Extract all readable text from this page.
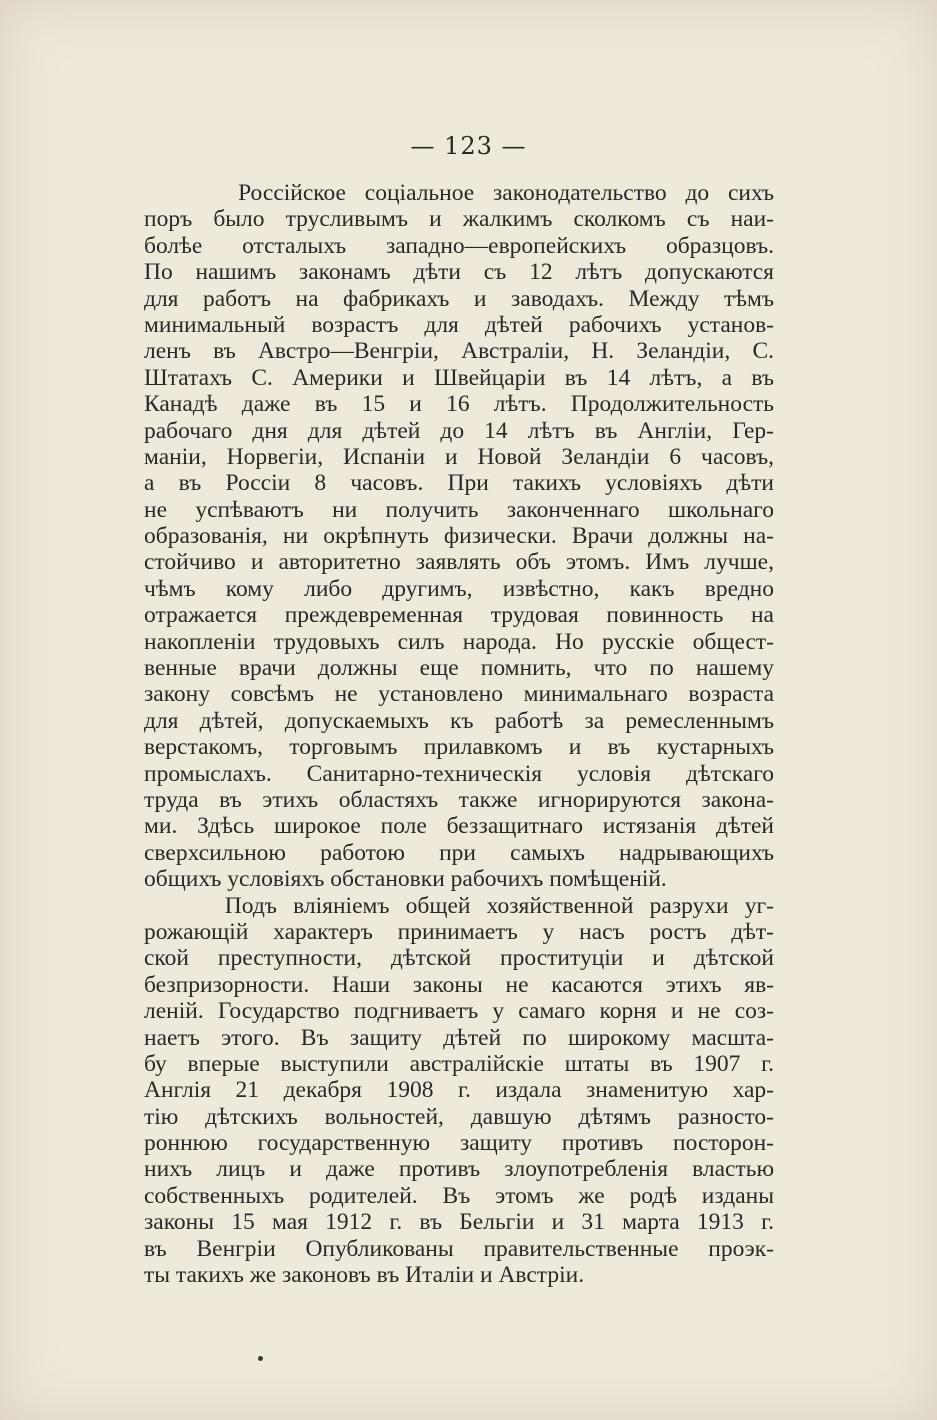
— 123 —
Россійское соціальное законодательство до сихъ
поръ было трусливымъ и жалкимъ сколкомъ съ наи-
болѣе отсталыхъ западно—европейскихъ образцовъ.
По нашимъ законамъ дѣти съ 12 лѣтъ допускаются
для работъ на фабрикахъ и заводахъ. Между тѣмъ
минимальный возрастъ для дѣтей рабочихъ установ-
ленъ въ Австро—Венгріи, Австраліи, Н. Зеландіи, С.
Штатахъ С. Америки и Швейцаріи въ 14 лѣтъ, а въ
Канадѣ даже въ 15 и 16 лѣтъ. Продолжительность
рабочаго дня для дѣтей до 14 лѣтъ въ Англіи, Гер-
маніи, Норвегіи, Испаніи и Новой Зеландіи 6 часовъ,
а въ Россіи 8 часовъ. При такихъ условіяхъ дѣти
не успѣваютъ ни получить законченнаго школьнаго
образованія, ни окрѣпнуть физически. Врачи должны на-
стойчиво и авторитетно заявлять объ этомъ. Имъ лучше,
чѣмъ кому либо другимъ, извѣстно, какъ вредно
отражается преждевременная трудовая повинность на
накопленіи трудовыхъ силъ народа. Но русскіе общест-
венные врачи должны еще помнить, что по нашему
закону совсѣмъ не установлено минимальнаго возраста
для дѣтей, допускаемыхъ къ работѣ за ремесленнымъ
верстакомъ, торговымъ прилавкомъ и въ кустарныхъ
промыслахъ. Санитарно-техническія условія дѣтскаго
труда въ этихъ областяхъ также игнорируются закона-
ми. Здѣсь широкое поле беззащитнаго истязанія дѣтей
сверхсильною работою при самыхъ надрывающихъ
общихъ условіяхъ обстановки рабочихъ помѣщеній.
Подъ вліяніемъ общей хозяйственной разрухи уг-
рожающій характеръ принимаетъ у насъ ростъ дѣт-
ской преступности, дѣтской проституціи и дѣтской
безпризорности. Наши законы не касаются этихъ яв-
леній. Государство подгниваетъ у самаго корня и не соз-
наетъ этого. Въ защиту дѣтей по широкому масшта-
бу вперые выступили австралійскіе штаты въ 1907 г.
Англія 21 декабря 1908 г. издала знаменитую хар-
тію дѣтскихъ вольностей, давшую дѣтямъ разносто-
роннюю государственную защиту противъ посторон-
нихъ лицъ и даже противъ злоупотребленія властью
собственныхъ родителей. Въ этомъ же родѣ изданы
законы 15 мая 1912 г. въ Бельгіи и 31 марта 1913 г.
въ Венгріи Опубликованы правительственные проэк-
ты такихъ же законовъ въ Италіи и Австріи.
